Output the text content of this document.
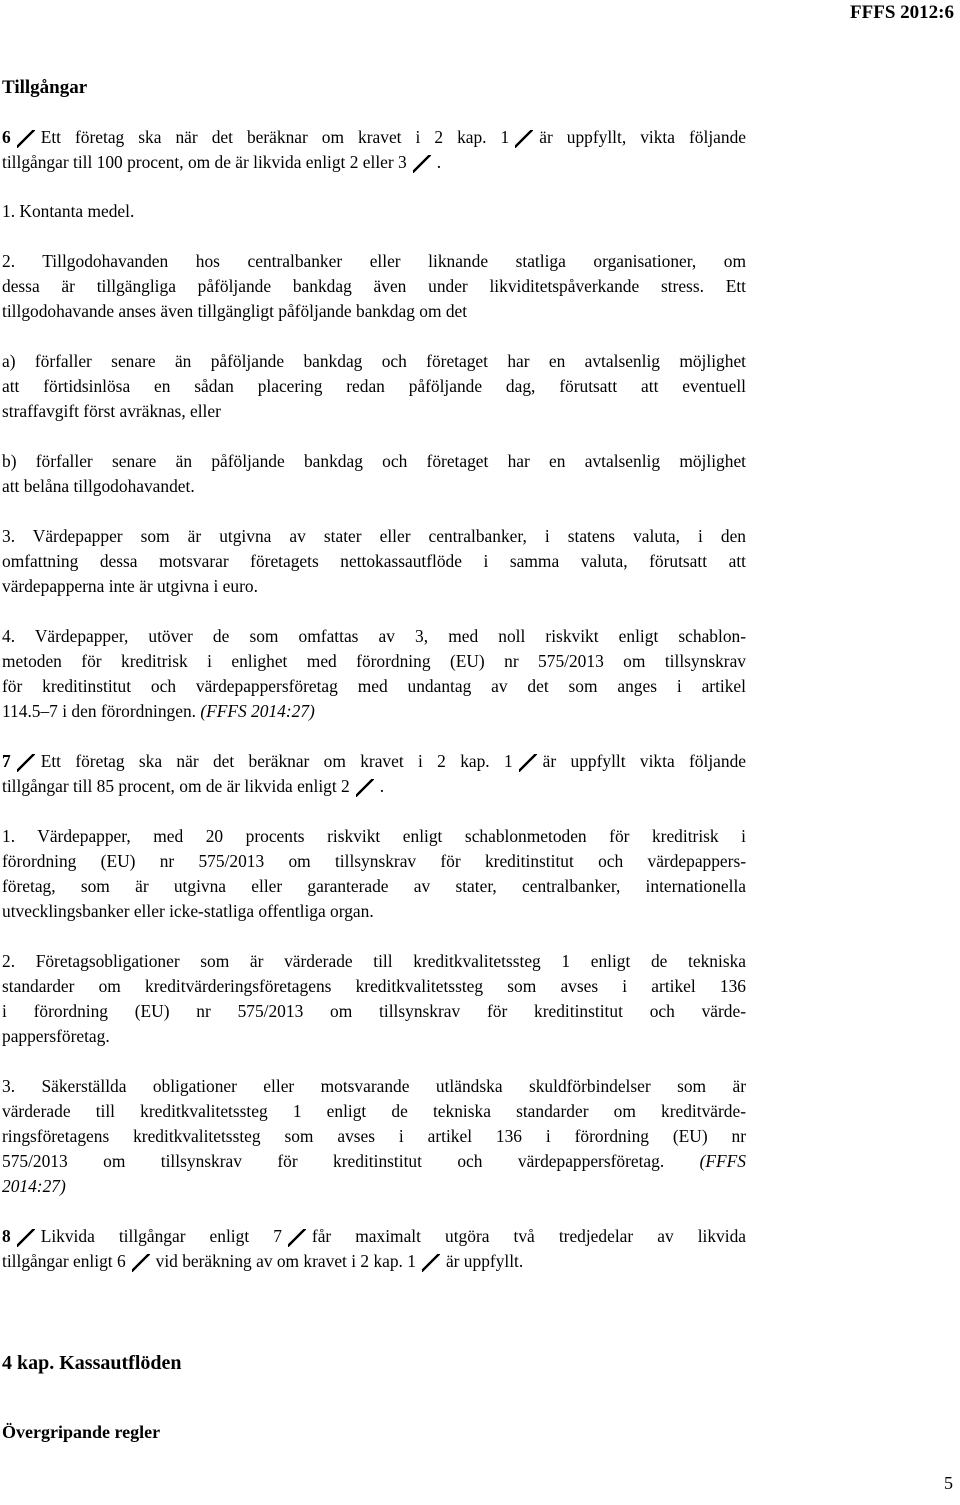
FFFS 2012:6
Tillgångar
6 Ett företag ska när det beräknar om kravet i 2 kap. 1 är uppfyllt, vikta följande
tillgångar till 100 procent, om de är likvida enligt 2 eller 3 .
1. Kontanta medel.
2. Tillgodohavanden hos centralbanker eller liknande statliga organisationer, om
dessa är tillgängliga påföljande bankdag även under likviditetspåverkande stress. Ett
tillgodohavande anses även tillgängligt påföljande bankdag om det
a) förfaller senare än påföljande bankdag och företaget har en avtalsenlig möjlighet
att förtidsinlösa en sådan placering redan påföljande dag, förutsatt att eventuell
straffavgift först avräknas, eller
b) förfaller senare än påföljande bankdag och företaget har en avtalsenlig möjlighet
att belåna tillgodohavandet.
3. Värdepapper som är utgivna av stater eller centralbanker, i statens valuta, i den
omfattning dessa motsvarar företagets nettokassautflöde i samma valuta, förutsatt att
värdepapperna inte är utgivna i euro.
4. Värdepapper, utöver de som omfattas av 3, med noll riskvikt enligt schablon-
metoden för kreditrisk i enlighet med förordning (EU) nr 575/2013 om tillsynskrav
för kreditinstitut och värdepappersföretag med undantag av det som anges i artikel
114.5–7 i den förordningen. (FFFS 2014:27)
7 Ett företag ska när det beräknar om kravet i 2 kap. 1 är uppfyllt vikta följande
tillgångar till 85 procent, om de är likvida enligt 2 .
1. Värdepapper, med 20 procents riskvikt enligt schablonmetoden för kreditrisk i
förordning (EU) nr 575/2013 om tillsynskrav för kreditinstitut och värdepappers-
företag, som är utgivna eller garanterade av stater, centralbanker, internationella
utvecklingsbanker eller icke-statliga offentliga organ.
2. Företagsobligationer som är värderade till kreditkvalitetssteg 1 enligt de tekniska
standarder om kreditvärderingsföretagens kreditkvalitetssteg som avses i artikel 136
i förordning (EU) nr 575/2013 om tillsynskrav för kreditinstitut och värde-
pappersföretag.
3. Säkerställda obligationer eller motsvarande utländska skuldförbindelser som är
värderade till kreditkvalitetssteg 1 enligt de tekniska standarder om kreditvärde-
ringsföretagens kreditkvalitetssteg som avses i artikel 136 i förordning (EU) nr
575/2013 om tillsynskrav för kreditinstitut och värdepappersföretag. (FFFS
2014:27)
8 Likvida tillgångar enligt 7 får maximalt utgöra två tredjedelar av likvida
tillgångar enligt 6 vid beräkning av om kravet i 2 kap. 1 är uppfyllt.
4 kap. Kassautflöden
Övergripande regler
5
